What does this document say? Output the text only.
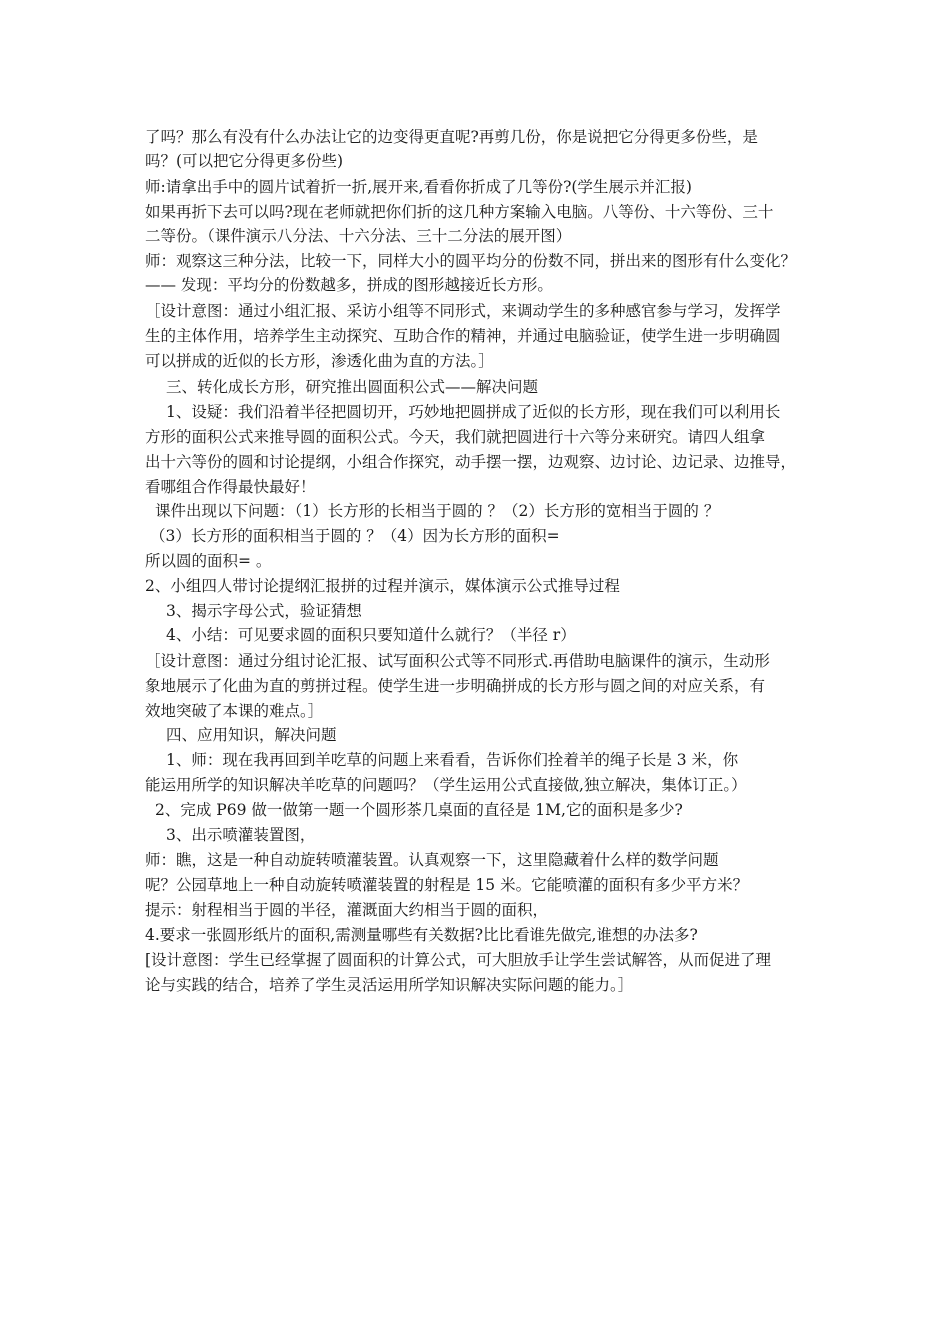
了吗？那么有没有什么办法让它的边变得更直呢?再剪几份，你是说把它分得更多份些，是
吗？(可以把它分得更多份些)
师:请拿出手中的圆片试着折一折,展开来,看看你折成了几等份?(学生展示并汇报)
如果再折下去可以吗?现在老师就把你们折的这几种方案输入电脑。八等份、十六等份、三十
二等份。（课件演示八分法、十六分法、三十二分法的展开图）
师：观察这三种分法，比较一下，同样大小的圆平均分的份数不同，拼出来的图形有什么变化？
—— 发现：平均分的份数越多，拼成的图形越接近长方形。
［设计意图：通过小组汇报、采访小组等不同形式，来调动学生的多种感官参与学习，发挥学
生的主体作用，培养学生主动探究、互助合作的精神，并通过电脑验证，使学生进一步明确圆
可以拼成的近似的长方形，渗透化曲为直的方法。］
三、转化成长方形，研究推出圆面积公式——解决问题
1、设疑：我们沿着半径把圆切开，巧妙地把圆拼成了近似的长方形，现在我们可以利用长
方形的面积公式来推导圆的面积公式。今天，我们就把圆进行十六等分来研究。请四人组拿
出十六等份的圆和讨论提纲，小组合作探究，动手摆一摆，边观察、边讨论、边记录、边推导，
看哪组合作得最快最好！
课件出现以下问题：（1）长方形的长相当于圆的 ？（2）长方形的宽相当于圆的 ？
（3）长方形的面积相当于圆的 ？（4）因为长方形的面积=
所以圆的面积= 。
2、小组四人带讨论提纲汇报拼的过程并演示，媒体演示公式推导过程
3、揭示字母公式，验证猜想
4、小结：可见要求圆的面积只要知道什么就行？（半径 r）
［设计意图：通过分组讨论汇报、试写面积公式等不同形式.再借助电脑课件的演示，生动形
象地展示了化曲为直的剪拼过程。使学生进一步明确拼成的长方形与圆之间的对应关系，有
效地突破了本课的难点。］
四、应用知识，解决问题
1、师：现在我再回到羊吃草的问题上来看看，告诉你们拴着羊的绳子长是 3 米，你
能运用所学的知识解决羊吃草的问题吗？（学生运用公式直接做,独立解决，集体订正。）
2、完成 P69 做一做第一题一个圆形茶几桌面的直径是 1M,它的面积是多少?
3、出示喷灌装置图，
师：瞧，这是一种自动旋转喷灌装置。认真观察一下，这里隐藏着什么样的数学问题
呢？公园草地上一种自动旋转喷灌装置的射程是 15 米。它能喷灌的面积有多少平方米？
提示：射程相当于圆的半径，灌溉面大约相当于圆的面积，
4.要求一张圆形纸片的面积,需测量哪些有关数据?比比看谁先做完,谁想的办法多?
[设计意图：学生已经掌握了圆面积的计算公式，可大胆放手让学生尝试解答，从而促进了理
论与实践的结合，培养了学生灵活运用所学知识解决实际问题的能力。］
